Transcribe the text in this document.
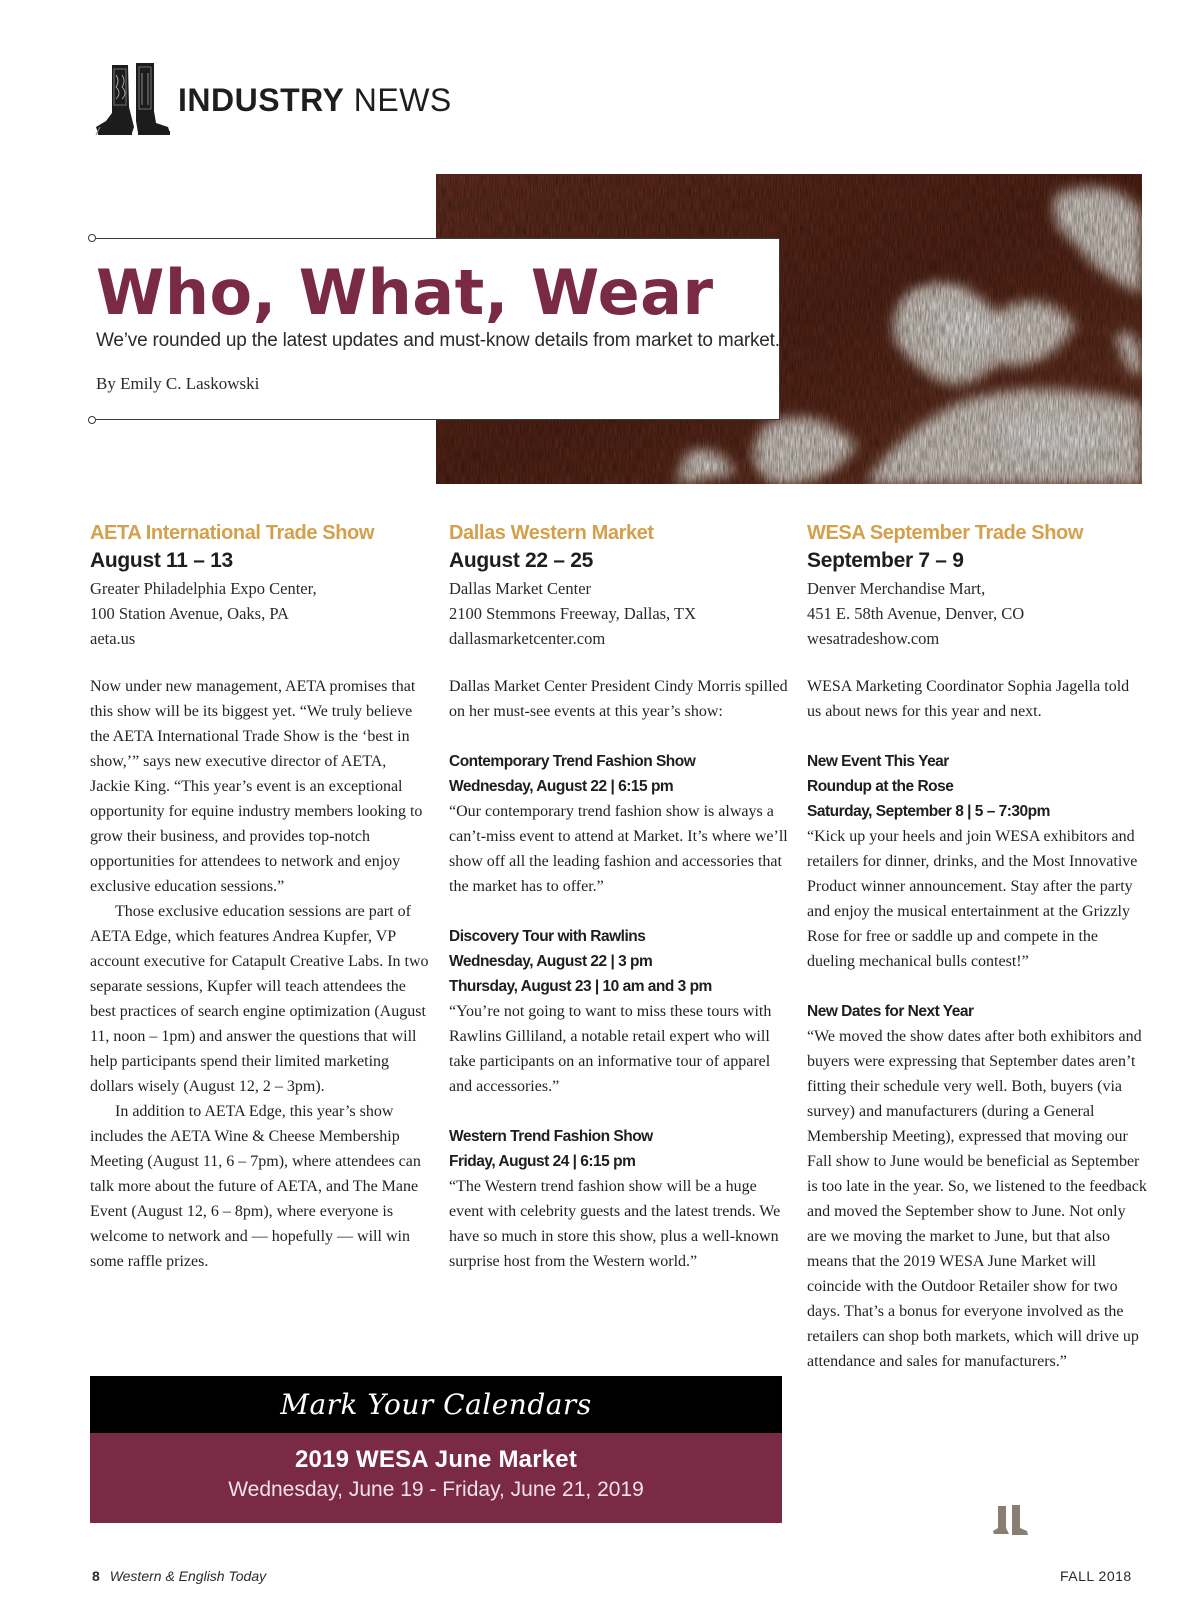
INDUSTRY NEWS
Who, What, Wear
We’ve rounded up the latest updates and must-know details from market to market.
By Emily C. Laskowski
AETA International Trade Show
August 11 – 13
Greater Philadelphia Expo Center,
100 Station Avenue, Oaks, PA
aeta.us

Now under new management, AETA promises that this show will be its biggest yet. “We truly believe the AETA International Trade Show is the ‘best in show,’” says new executive director of AETA, Jackie King. “This year’s event is an exceptional opportunity for equine industry members looking to grow their business, and provides top-notch opportunities for attendees to network and enjoy exclusive education sessions.”

Those exclusive education sessions are part of AETA Edge, which features Andrea Kupfer, VP account executive for Catapult Creative Labs. In two separate sessions, Kupfer will teach attendees the best practices of search engine optimization (August 11, noon – 1pm) and answer the questions that will help participants spend their limited marketing dollars wisely (August 12, 2 – 3pm).

In addition to AETA Edge, this year’s show includes the AETA Wine & Cheese Membership Meeting (August 11, 6 – 7pm), where attendees can talk more about the future of AETA, and The Mane Event (August 12, 6 – 8pm), where everyone is welcome to network and — hopefully — will win some raffle prizes.

Dallas Western Market
August 22 – 25
Dallas Market Center
2100 Stemmons Freeway, Dallas, TX
dallasmarketcenter.com

Dallas Market Center President Cindy Morris spilled on her must-see events at this year’s show:

Contemporary Trend Fashion Show
Wednesday, August 22 | 6:15 pm

“Our contemporary trend fashion show is always a can’t-miss event to attend at Market. It’s where we’ll show off all the leading fashion and accessories that the market has to offer.”

Discovery Tour with Rawlins
Wednesday, August 22 | 3 pm
Thursday, August 23 | 10 am and 3 pm

“You’re not going to want to miss these tours with Rawlins Gilliland, a notable retail expert who will take participants on an informative tour of apparel and accessories.”

Western Trend Fashion Show
Friday, August 24 | 6:15 pm

“The Western trend fashion show will be a huge event with celebrity guests and the latest trends. We have so much in store this show, plus a well-known surprise host from the Western world.”

WESA September Trade Show
September 7 – 9
Denver Merchandise Mart,
451 E. 58th Avenue, Denver, CO
wesatradeshow.com

WESA Marketing Coordinator Sophia Jagella told us about news for this year and next.

New Event This Year
Roundup at the Rose
Saturday, September 8 | 5 – 7:30pm

“Kick up your heels and join WESA exhibitors and retailers for dinner, drinks, and the Most Innovative Product winner announcement. Stay after the party and enjoy the musical entertainment at the Grizzly Rose for free or saddle up and compete in the dueling mechanical bulls contest!”

New Dates for Next Year

“We moved the show dates after both exhibitors and buyers were expressing that September dates aren’t fitting their schedule very well. Both, buyers (via survey) and manufacturers (during a General Membership Meeting), expressed that moving our Fall show to June would be beneficial as September is too late in the year. So, we listened to the feedback and moved the September show to June. Not only are we moving the market to June, but that also means that the 2019 WESA June Market will coincide with the Outdoor Retailer show for two days. That’s a bonus for everyone involved as the retailers can shop both markets, which will drive up attendance and sales for manufacturers.”

Mark Your Calendars
2019 WESA June Market
Wednesday, June 19 - Friday, June 21, 2019
8 Western & English Today	FALL 2018
